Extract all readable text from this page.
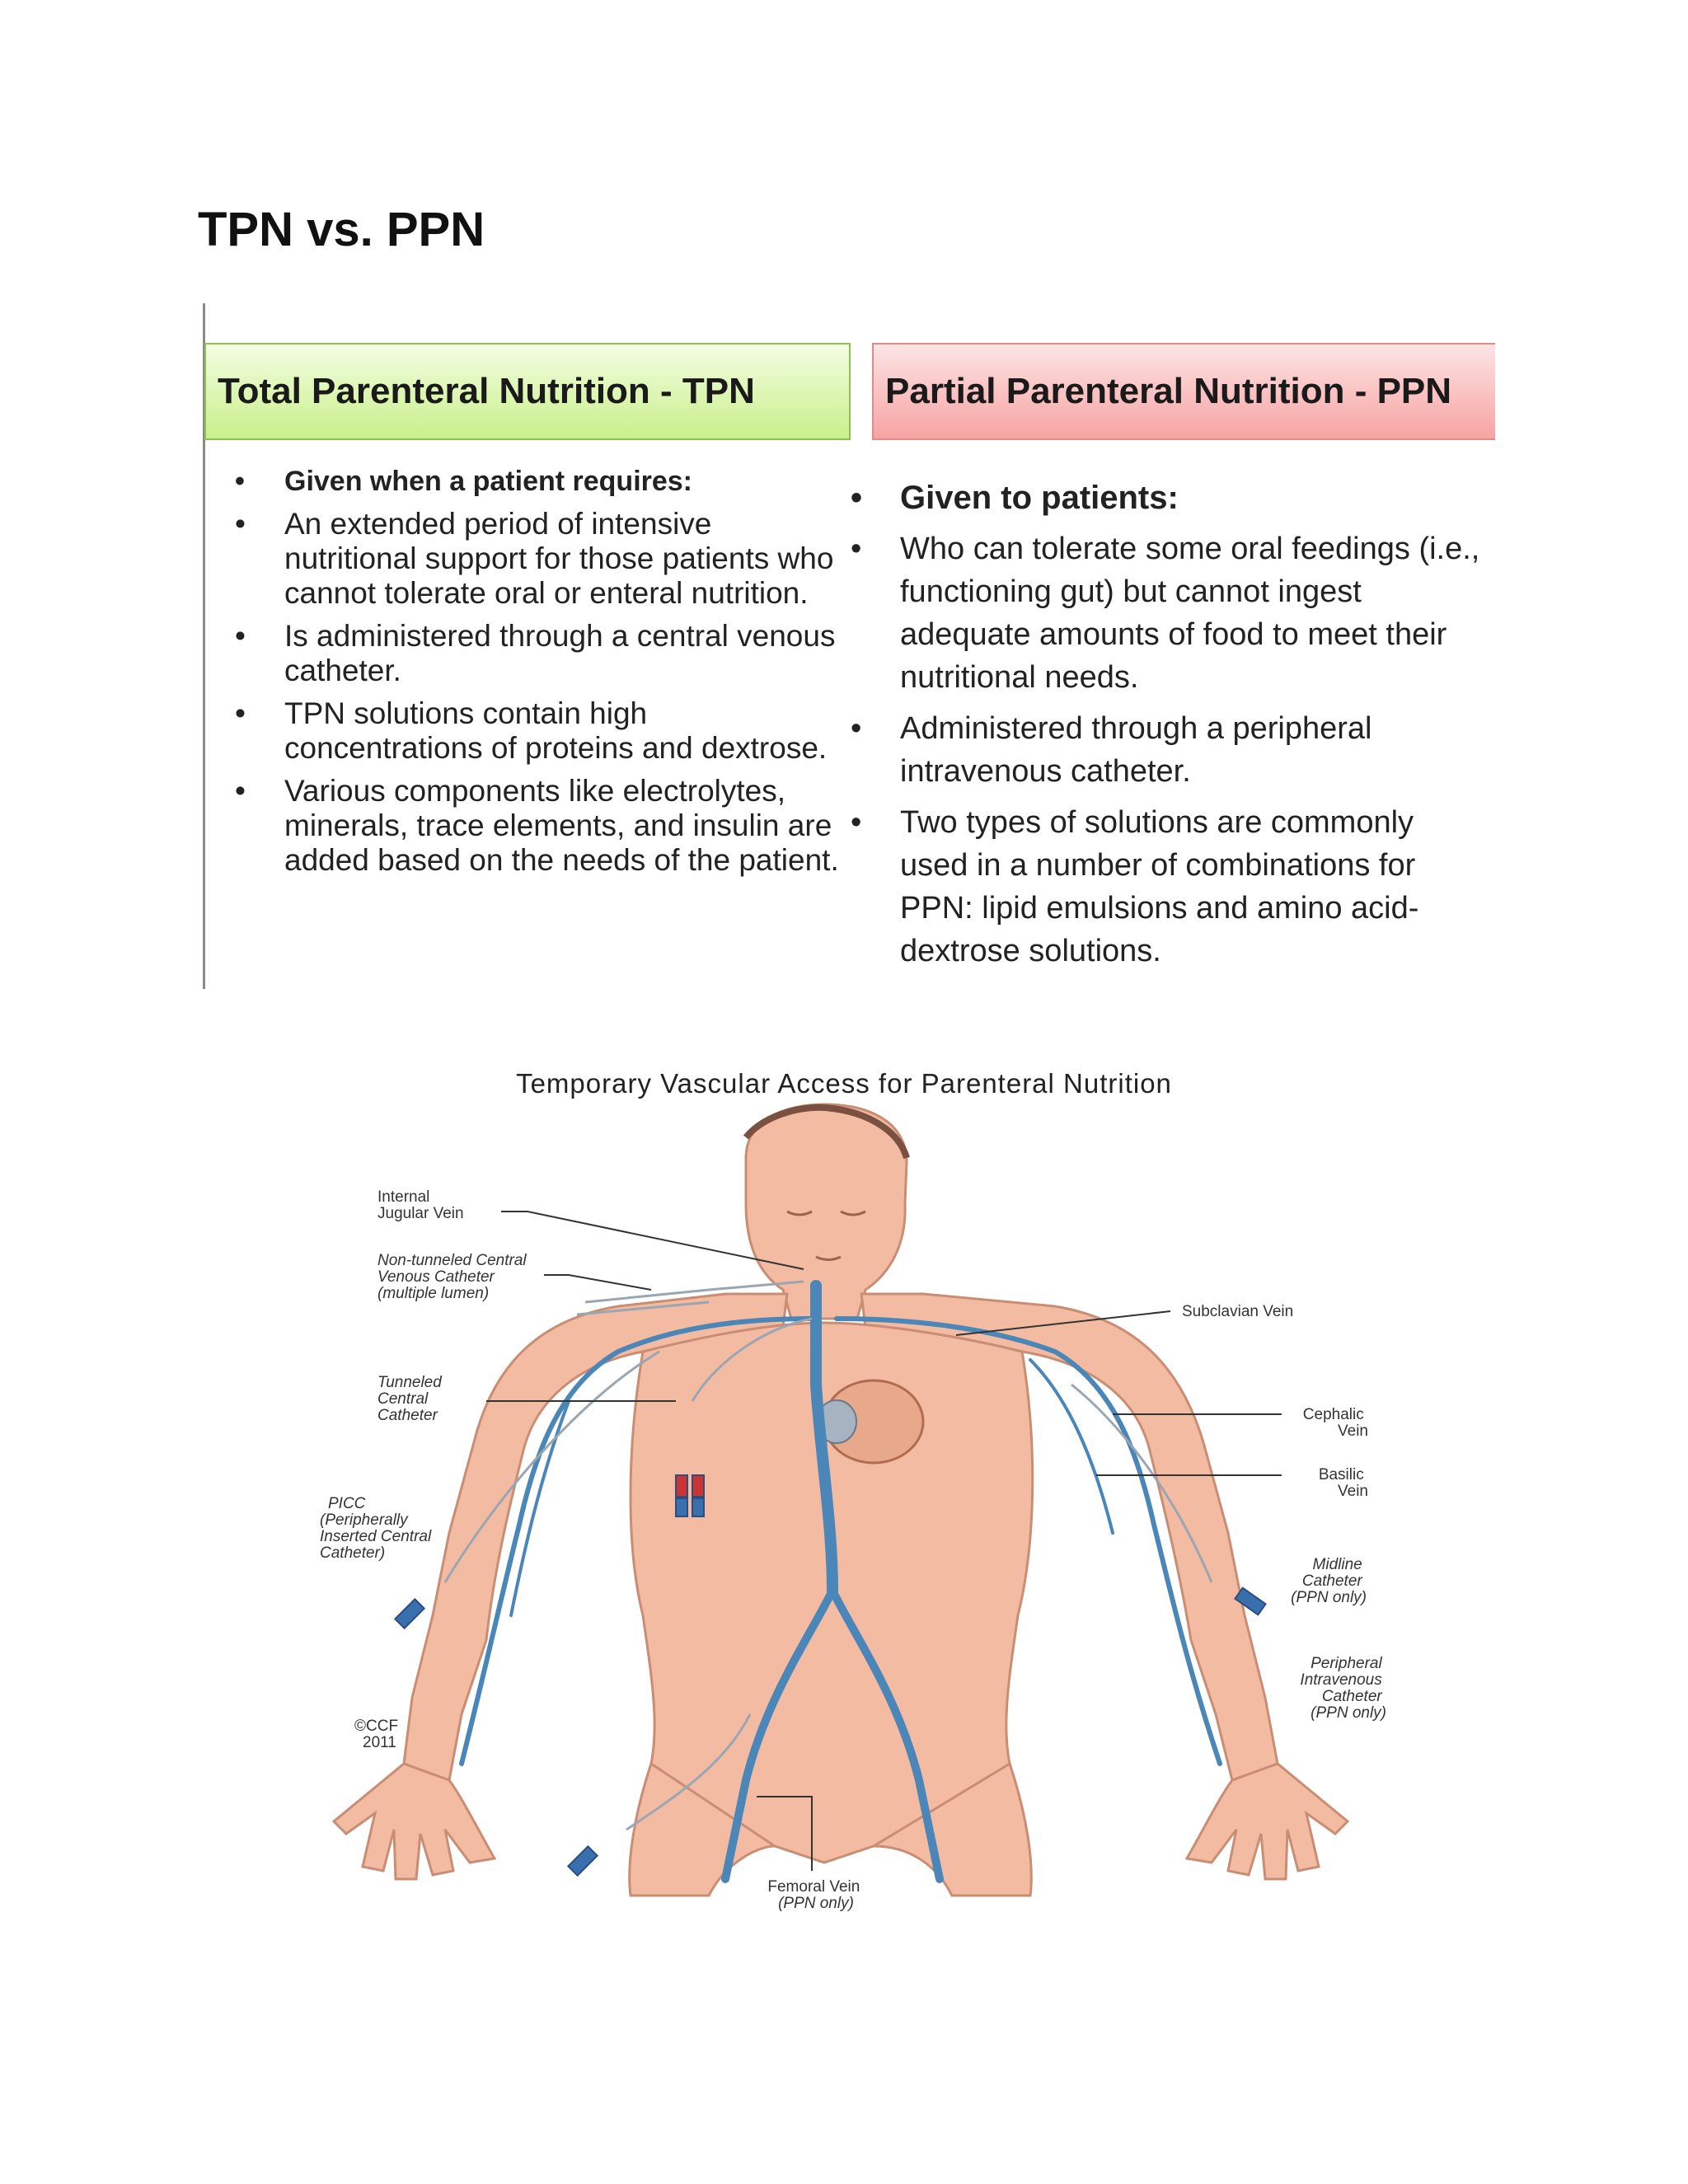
TPN vs. PPN
Total Parenteral Nutrition - TPN	Partial Parenteral Nutrition - PPN
• Given when a patient requires:
• An extended period of intensive nutritional support for those patients who cannot tolerate oral or enteral nutrition.
• Is administered through a central venous catheter.
• TPN solutions contain high concentrations of proteins and dextrose.
• Various components like electrolytes, minerals, trace elements, and insulin are added based on the needs of the patient.
• Given to patients:
• Who can tolerate some oral feedings (i.e., functioning gut) but cannot ingest adequate amounts of food to meet their nutritional needs.
• Administered through a peripheral intravenous catheter.
• Two types of solutions are commonly used in a number of combinations for PPN: lipid emulsions and amino acid-dextrose solutions.
Temporary Vascular Access for Parenteral Nutrition
Internal Jugular Vein
Non-tunneled Central Venous Catheter (multiple lumen)
Tunneled Central Catheter
PICC (Peripherally Inserted Central Catheter)
Subclavian Vein
Cephalic Vein
Basilic Vein
Midline Catheter (PPN only)
Peripheral Intravenous Catheter (PPN only)
Femoral Vein (PPN only)
©CCF 2011
